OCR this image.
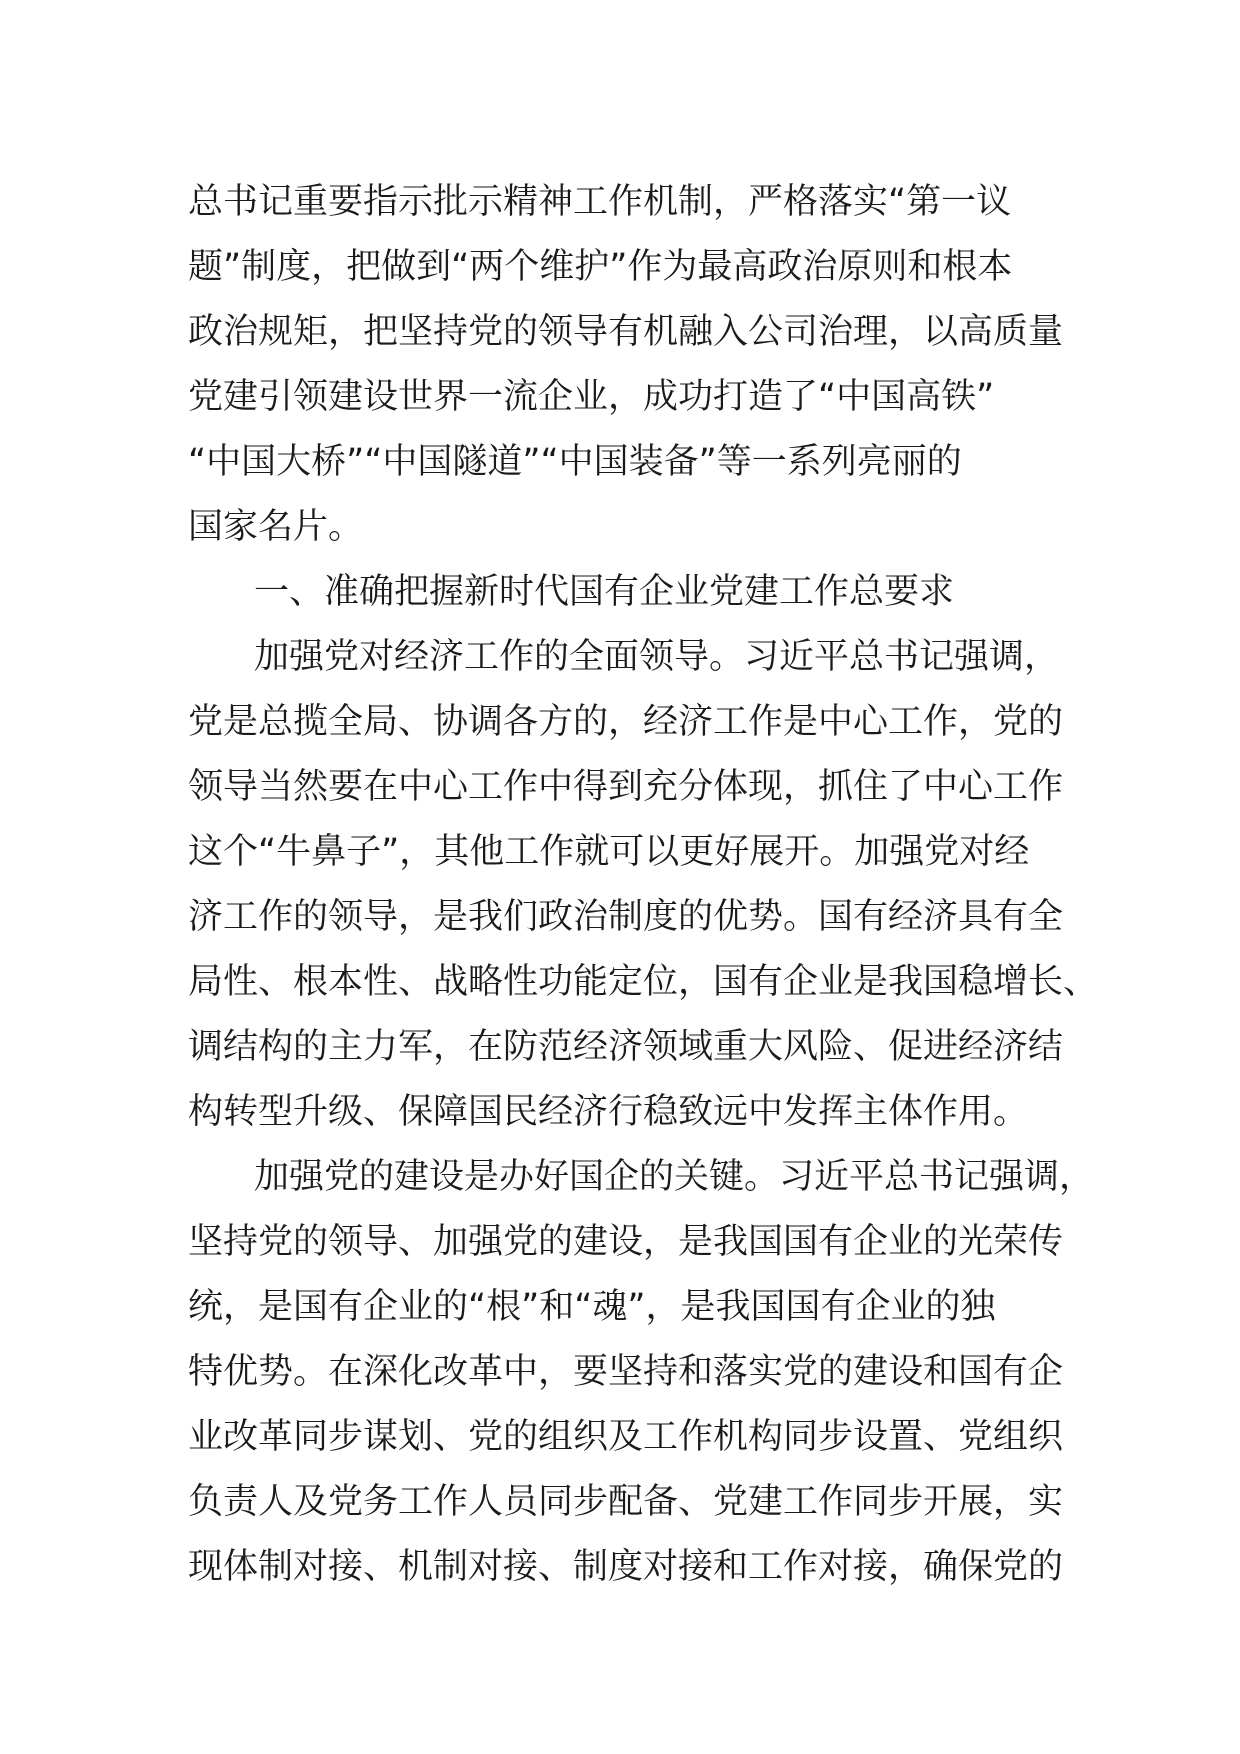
总书记重要指示批示精神工作机制，严格落实“第一议
题”制度，把做到“两个维护”作为最高政治原则和根本
政治规矩，把坚持党的领导有机融入公司治理，以高质量
党建引领建设世界一流企业，成功打造了“中国高铁”
“中国大桥”“中国隧道”“中国装备”等一系列亮丽的
国家名片。
一、准确把握新时代国有企业党建工作总要求
加强党对经济工作的全面领导。习近平总书记强调，
党是总揽全局、协调各方的，经济工作是中心工作，党的
领导当然要在中心工作中得到充分体现，抓住了中心工作
这个“牛鼻子”，其他工作就可以更好展开。加强党对经
济工作的领导，是我们政治制度的优势。国有经济具有全
局性、根本性、战略性功能定位，国有企业是我国稳增长、
调结构的主力军，在防范经济领域重大风险、促进经济结
构转型升级、保障国民经济行稳致远中发挥主体作用。
加强党的建设是办好国企的关键。习近平总书记强调，
坚持党的领导、加强党的建设，是我国国有企业的光荣传
统，是国有企业的“根”和“魂”，是我国国有企业的独
特优势。在深化改革中，要坚持和落实党的建设和国有企
业改革同步谋划、党的组织及工作机构同步设置、党组织
负责人及党务工作人员同步配备、党建工作同步开展，实
现体制对接、机制对接、制度对接和工作对接，确保党的
